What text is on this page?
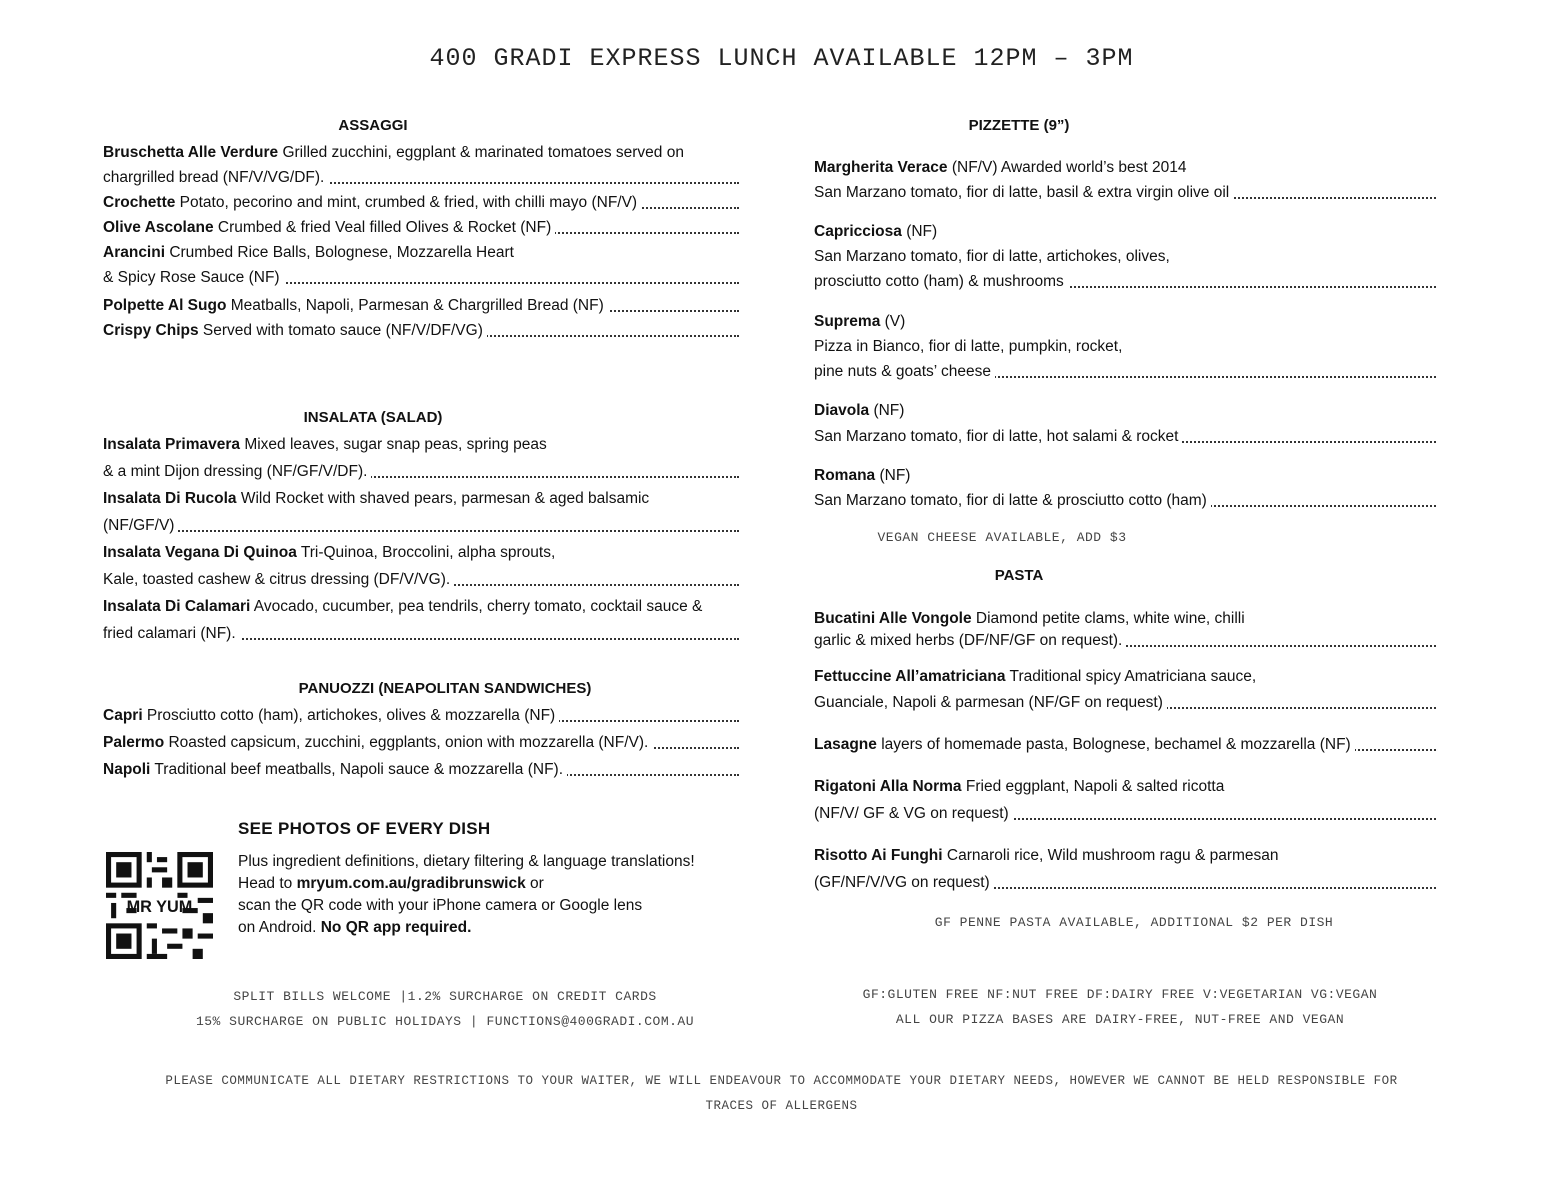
400 GRADI EXPRESS LUNCH AVAILABLE 12PM – 3PM
ASSAGGI
Bruschetta Alle Verdure Grilled zucchini, eggplant & marinated tomatoes served on
chargrilled bread (NF/V/VG/DF).
Crochette Potato, pecorino and mint, crumbed & fried, with chilli mayo (NF/V)
Olive Ascolane Crumbed & fried Veal filled Olives & Rocket (NF)
Arancini Crumbed Rice Balls, Bolognese, Mozzarella Heart
& Spicy Rose Sauce (NF)
Polpette Al Sugo Meatballs, Napoli, Parmesan & Chargrilled Bread (NF)
Crispy Chips Served with tomato sauce (NF/V/DF/VG)
INSALATA (SALAD)
Insalata Primavera Mixed leaves, sugar snap peas, spring peas
& a mint Dijon dressing (NF/GF/V/DF).
Insalata Di Rucola Wild Rocket with shaved pears, parmesan & aged balsamic
(NF/GF/V)
Insalata Vegana Di Quinoa Tri-Quinoa, Broccolini, alpha sprouts,
Kale, toasted cashew & citrus dressing (DF/V/VG).
Insalata Di Calamari Avocado, cucumber, pea tendrils, cherry tomato, cocktail sauce &
fried calamari (NF).
PANUOZZI (NEAPOLITAN SANDWICHES)
Capri Prosciutto cotto (ham), artichokes, olives & mozzarella (NF)
Palermo Roasted capsicum, zucchini, eggplants, onion with mozzarella (NF/V).
Napoli Traditional beef meatballs, Napoli sauce & mozzarella (NF).
MR YUM
SEE PHOTOS OF EVERY DISH
Plus ingredient definitions, dietary filtering & language translations!
Head to mryum.com.au/gradibrunswick or
scan the QR code with your iPhone camera or Google lens
on Android. No QR app required.
PIZZETTE (9”)
Margherita Verace (NF/V) Awarded world’s best 2014
San Marzano tomato, fior di latte, basil & extra virgin olive oil
Capricciosa (NF)
San Marzano tomato, fior di latte, artichokes, olives,
prosciutto cotto (ham) & mushrooms
Suprema (V)
Pizza in Bianco, fior di latte, pumpkin, rocket,
pine nuts & goats’ cheese
Diavola (NF)
San Marzano tomato, fior di latte, hot salami & rocket
Romana (NF)
San Marzano tomato, fior di latte & prosciutto cotto (ham)
VEGAN CHEESE AVAILABLE, ADD $3
PASTA
Bucatini Alle Vongole Diamond petite clams, white wine, chilli
garlic & mixed herbs (DF/NF/GF on request).
Fettuccine All’amatriciana Traditional spicy Amatriciana sauce,
Guanciale, Napoli & parmesan (NF/GF on request)
Lasagne layers of homemade pasta, Bolognese, bechamel & mozzarella (NF)
Rigatoni Alla Norma Fried eggplant, Napoli & salted ricotta
(NF/V/ GF & VG on request)
Risotto Ai Funghi Carnaroli rice, Wild mushroom ragu & parmesan
(GF/NF/V/VG on request)
GF PENNE PASTA AVAILABLE, ADDITIONAL $2 PER DISH
SPLIT BILLS WELCOME |1.2% SURCHARGE ON CREDIT CARDS
15% SURCHARGE ON PUBLIC HOLIDAYS | FUNCTIONS@400GRADI.COM.AU
GF:GLUTEN FREE NF:NUT FREE DF:DAIRY FREE V:VEGETARIAN VG:VEGAN
ALL OUR PIZZA BASES ARE DAIRY-FREE, NUT-FREE AND VEGAN
PLEASE COMMUNICATE ALL DIETARY RESTRICTIONS TO YOUR WAITER, WE WILL ENDEAVOUR TO ACCOMMODATE YOUR DIETARY NEEDS, HOWEVER WE CANNOT BE HELD RESPONSIBLE FOR
TRACES OF ALLERGENS
